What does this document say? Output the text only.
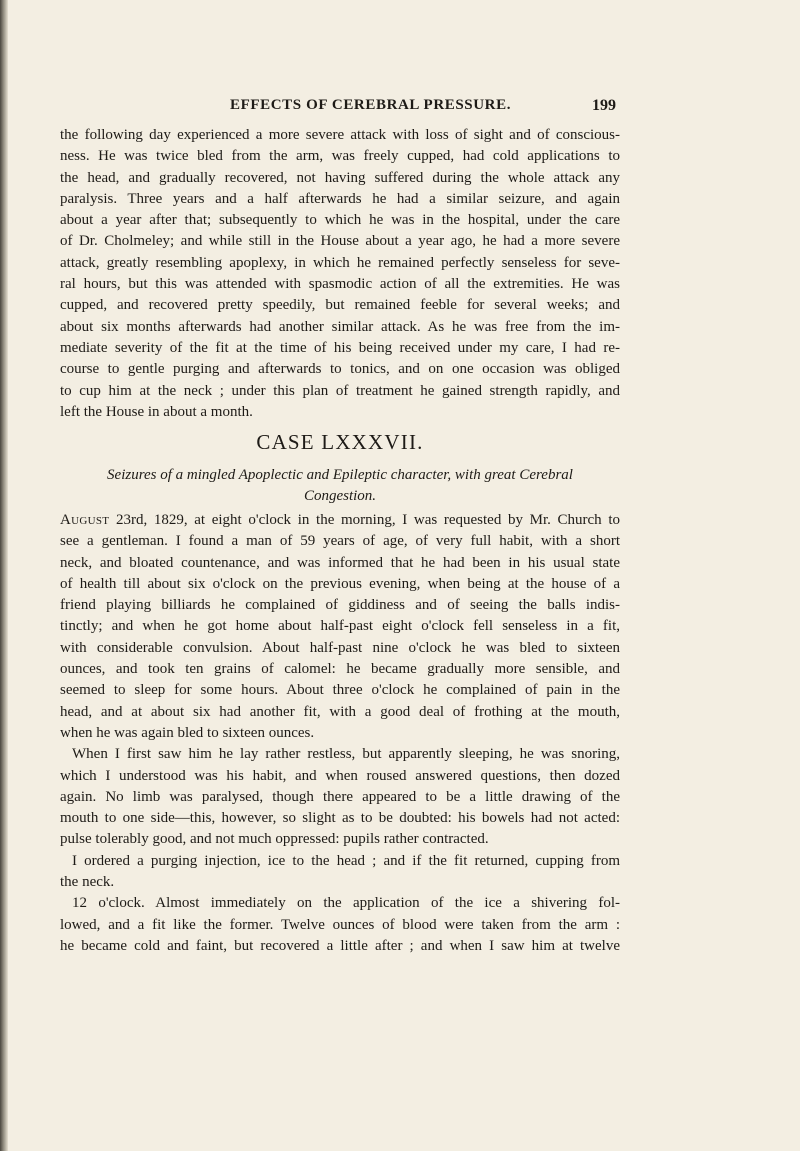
EFFECTS OF CEREBRAL PRESSURE.	199
the following day experienced a more severe attack with loss of sight and of conscious-
ness. He was twice bled from the arm, was freely cupped, had cold applications to
the head, and gradually recovered, not having suffered during the whole attack any
paralysis. Three years and a half afterwards he had a similar seizure, and again
about a year after that; subsequently to which he was in the hospital, under the care
of Dr. Cholmeley; and while still in the House about a year ago, he had a more severe
attack, greatly resembling apoplexy, in which he remained perfectly senseless for seve-
ral hours, but this was attended with spasmodic action of all the extremities. He was
cupped, and recovered pretty speedily, but remained feeble for several weeks; and
about six months afterwards had another similar attack. As he was free from the im-
mediate severity of the fit at the time of his being received under my care, I had re-
course to gentle purging and afterwards to tonics, and on one occasion was obliged
to cup him at the neck ; under this plan of treatment he gained strength rapidly, and
left the House in about a month.
CASE LXXXVII.
Seizures of a mingled Apoplectic and Epileptic character, with great Cerebral
Congestion.
August 23rd, 1829, at eight o'clock in the morning, I was requested by Mr. Church to
see a gentleman. I found a man of 59 years of age, of very full habit, with a short
neck, and bloated countenance, and was informed that he had been in his usual state
of health till about six o'clock on the previous evening, when being at the house of a
friend playing billiards he complained of giddiness and of seeing the balls indis-
tinctly; and when he got home about half-past eight o'clock fell senseless in a fit,
with considerable convulsion. About half-past nine o'clock he was bled to sixteen
ounces, and took ten grains of calomel: he became gradually more sensible, and
seemed to sleep for some hours. About three o'clock he complained of pain in the
head, and at about six had another fit, with a good deal of frothing at the mouth,
when he was again bled to sixteen ounces.
When I first saw him he lay rather restless, but apparently sleeping, he was snoring,
which I understood was his habit, and when roused answered questions, then dozed
again. No limb was paralysed, though there appeared to be a little drawing of the
mouth to one side—this, however, so slight as to be doubted: his bowels had not acted:
pulse tolerably good, and not much oppressed: pupils rather contracted.
I ordered a purging injection, ice to the head ; and if the fit returned, cupping from
the neck.
12 o'clock. Almost immediately on the application of the ice a shivering fol-
lowed, and a fit like the former. Twelve ounces of blood were taken from the arm :
he became cold and faint, but recovered a little after ; and when I saw him at twelve
